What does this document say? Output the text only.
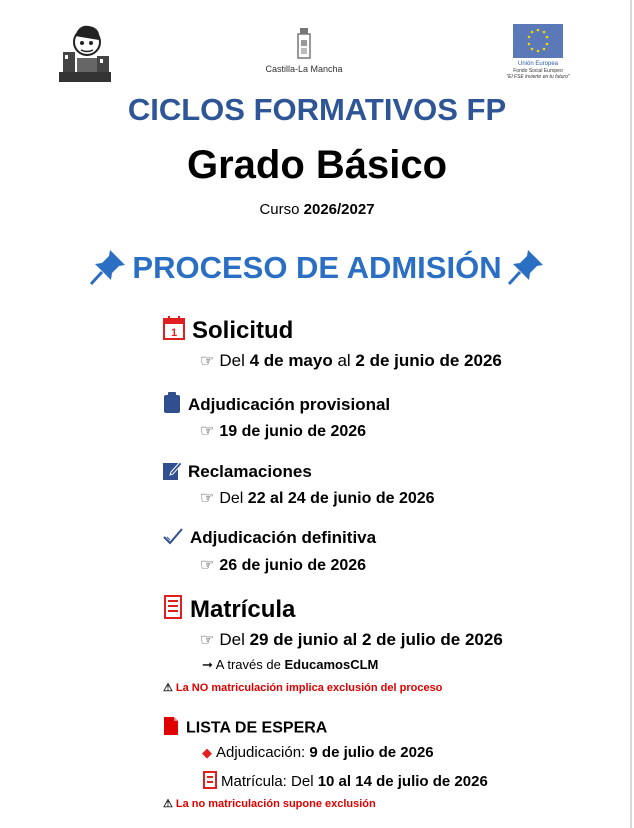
Castilla-La Mancha	Unión Europea
Fondo Social Europeo
"El FSE invierte en tu futuro"
CICLOS FORMATIVOS FP
Grado Básico
Curso 2026/2027
PROCESO DE ADMISIÓN
1 Solicitud
☞ Del 4 de mayo al 2 de junio de 2026
Adjudicación provisional
☞ 19 de junio de 2026
Reclamaciones
☞ Del 22 al 24 de junio de 2026
Adjudicación definitiva
☞ 26 de junio de 2026
Matrícula
☞ Del 29 de junio al 2 de julio de 2026
➞ A través de EducamosCLM
⚠ La NO matriculación implica exclusión del proceso
LISTA DE ESPERA
◆ Adjudicación: 9 de julio de 2026
Matrícula: Del 10 al 14 de julio de 2026
⚠ La no matriculación supone exclusión
